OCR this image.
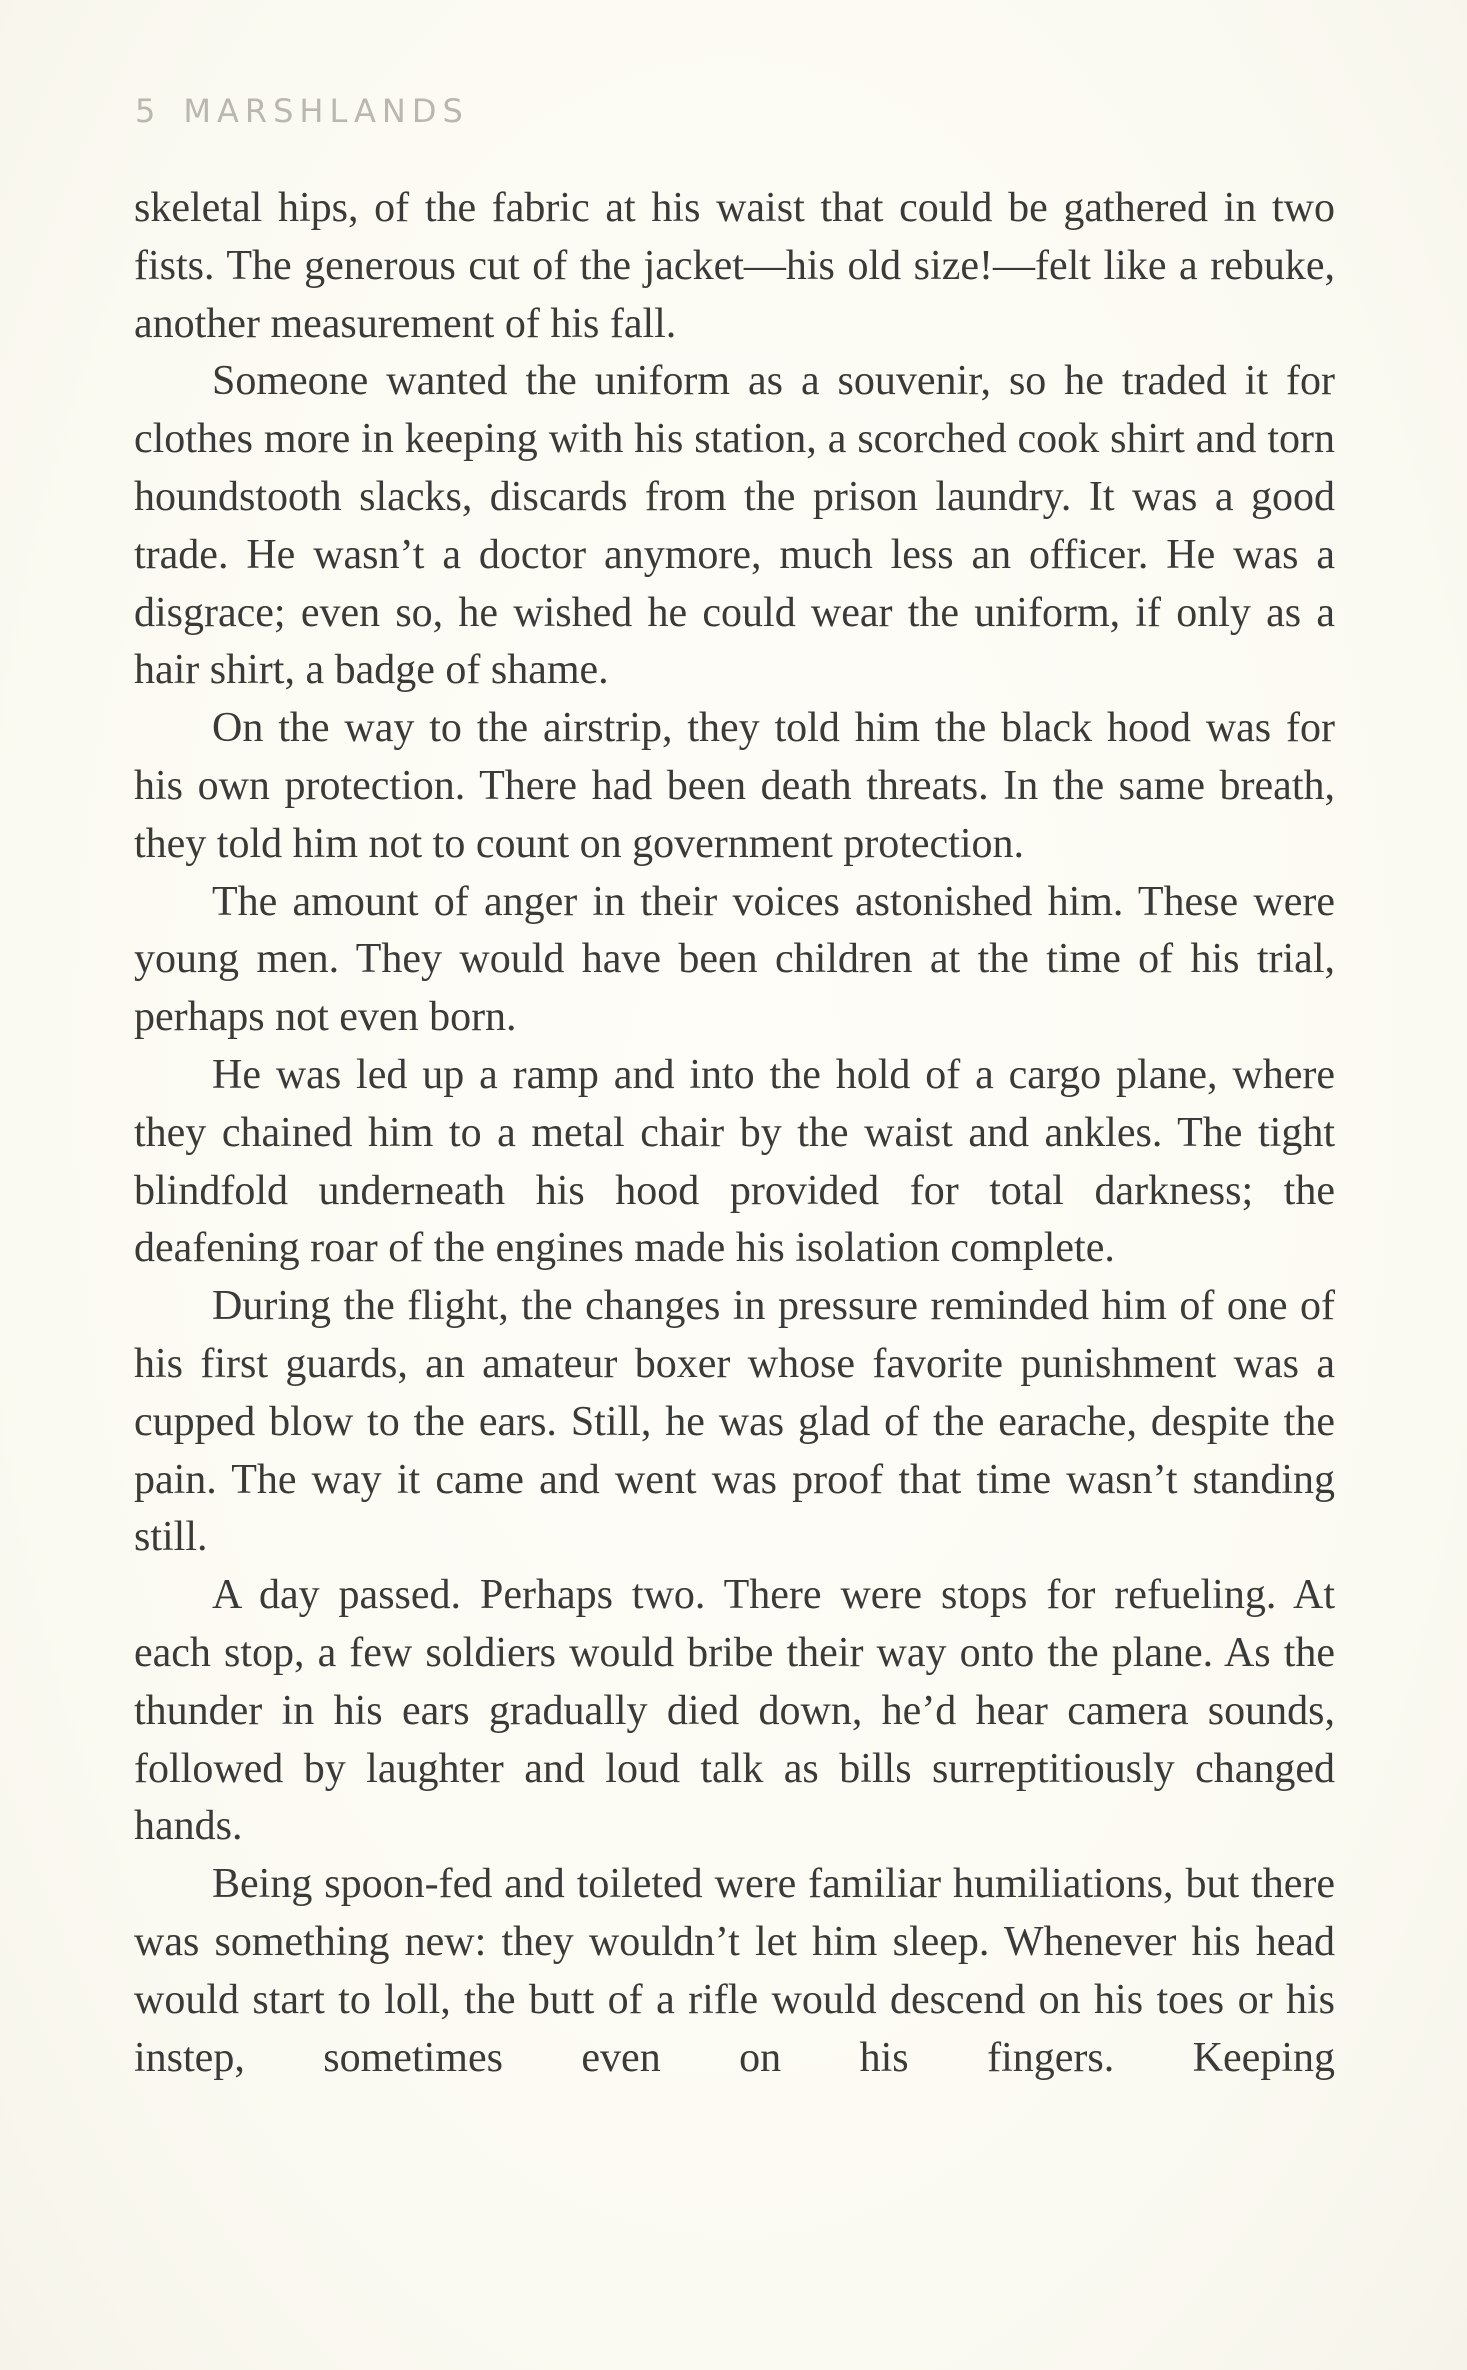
5 MARSHLANDS

skeletal hips, of the fabric at his waist that could be gathered in two fists. The generous cut of the jacket—his old size!—felt like a rebuke, another measurement of his fall.

Someone wanted the uniform as a souvenir, so he traded it for clothes more in keeping with his station, a scorched cook shirt and torn houndstooth slacks, discards from the prison laundry. It was a good trade. He wasn’t a doctor anymore, much less an officer. He was a disgrace; even so, he wished he could wear the uniform, if only as a hair shirt, a badge of shame.

On the way to the airstrip, they told him the black hood was for his own protection. There had been death threats. In the same breath, they told him not to count on government protection.

The amount of anger in their voices astonished him. These were young men. They would have been children at the time of his trial, perhaps not even born.

He was led up a ramp and into the hold of a cargo plane, where they chained him to a metal chair by the waist and ankles. The tight blindfold underneath his hood provided for total darkness; the deafening roar of the engines made his isolation complete.

During the flight, the changes in pressure reminded him of one of his first guards, an amateur boxer whose favorite punishment was a cupped blow to the ears. Still, he was glad of the earache, despite the pain. The way it came and went was proof that time wasn’t standing still.

A day passed. Perhaps two. There were stops for refueling. At each stop, a few soldiers would bribe their way onto the plane. As the thunder in his ears gradually died down, he’d hear camera sounds, followed by laughter and loud talk as bills surreptitiously changed hands.

Being spoon-fed and toileted were familiar humiliations, but there was something new: they wouldn’t let him sleep. Whenever his head would start to loll, the butt of a rifle would descend on his toes or his instep, sometimes even on his fingers. Keeping
